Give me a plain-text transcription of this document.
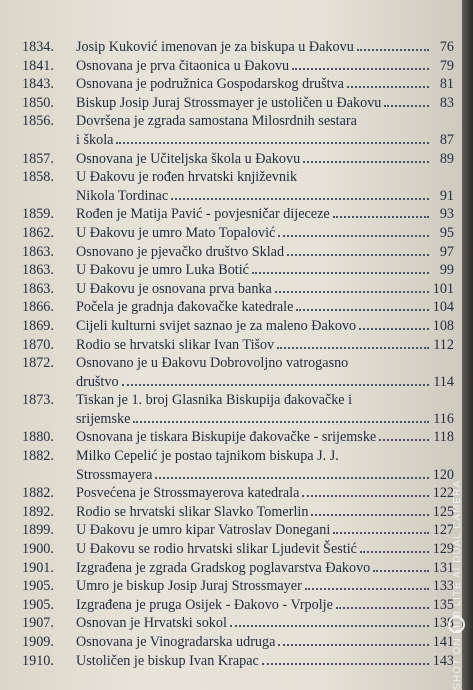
1834.	Josip Kuković imenovan je za biskupa u Đakovu	76
1841.	Osnovana je prva čitaonica u Đakovu	79
1843.	Osnovana je podružnica Gospodarskog društva	81
1850.	Biskup Josip Juraj Strossmayer je ustoličen u Đakovu	83
1856.	Dovršena je zgrada samostana Milosrdnih sestara
i škola	87
1857.	Osnovana je Učiteljska škola u Đakovu	89
1858.	U Đakovu je rođen hrvatski književnik
Nikola Tordinac	91
1859.	Rođen je Matija Pavić - povjesničar dijeceze	93
1862.	U Đakovu je umro Mato Topalović	95
1863.	Osnovano je pjevačko društvo Sklad	97
1863.	U Đakovu je umro Luka Botić	99
1863.	U Đakovu je osnovana prva banka	101
1866.	Počela je gradnja đakovačke katedrale	104
1869.	Cijeli kulturni svijet saznao je za maleno Đakovo	108
1870.	Rodio se hrvatski slikar Ivan Tišov	112
1872.	Osnovano je u Đakovu Dobrovoljno vatrogasno
društvo	114
1873.	Tiskan je 1. broj Glasnika Biskupija đakovačke i
srijemske	116
1880.	Osnovana je tiskara Biskupije đakovačke - srijemske	118
1882.	Milko Cepelić je postao tajnikom biskupa J. J.
Strossmayera	120
1882.	Posvećena je Strossmayerova katedrala	122
1892.	Rodio se hrvatski slikar Slavko Tomerlin	125
1899.	U Đakovu je umro kipar Vatroslav Donegani	127
1900.	U Đakovu se rodio hrvatski slikar Ljudevit Šestić	129
1901.	Izgrađena je zgrada Gradskog poglavarstva Đakovo	131
1905.	Umro je biskup Josip Juraj Strossmayer	133
1905.	Izgrađena je pruga Osijek - Đakovo - Vrpolje	135
1907.	Osnovan je Hrvatski sokol	138
1909.	Osnovana je Vinogradarska udruga	141
1910.	Ustoličen je biskup Ivan Krapac	143
SHOT ON MI 8 LITE AI DUAL CAMERA
